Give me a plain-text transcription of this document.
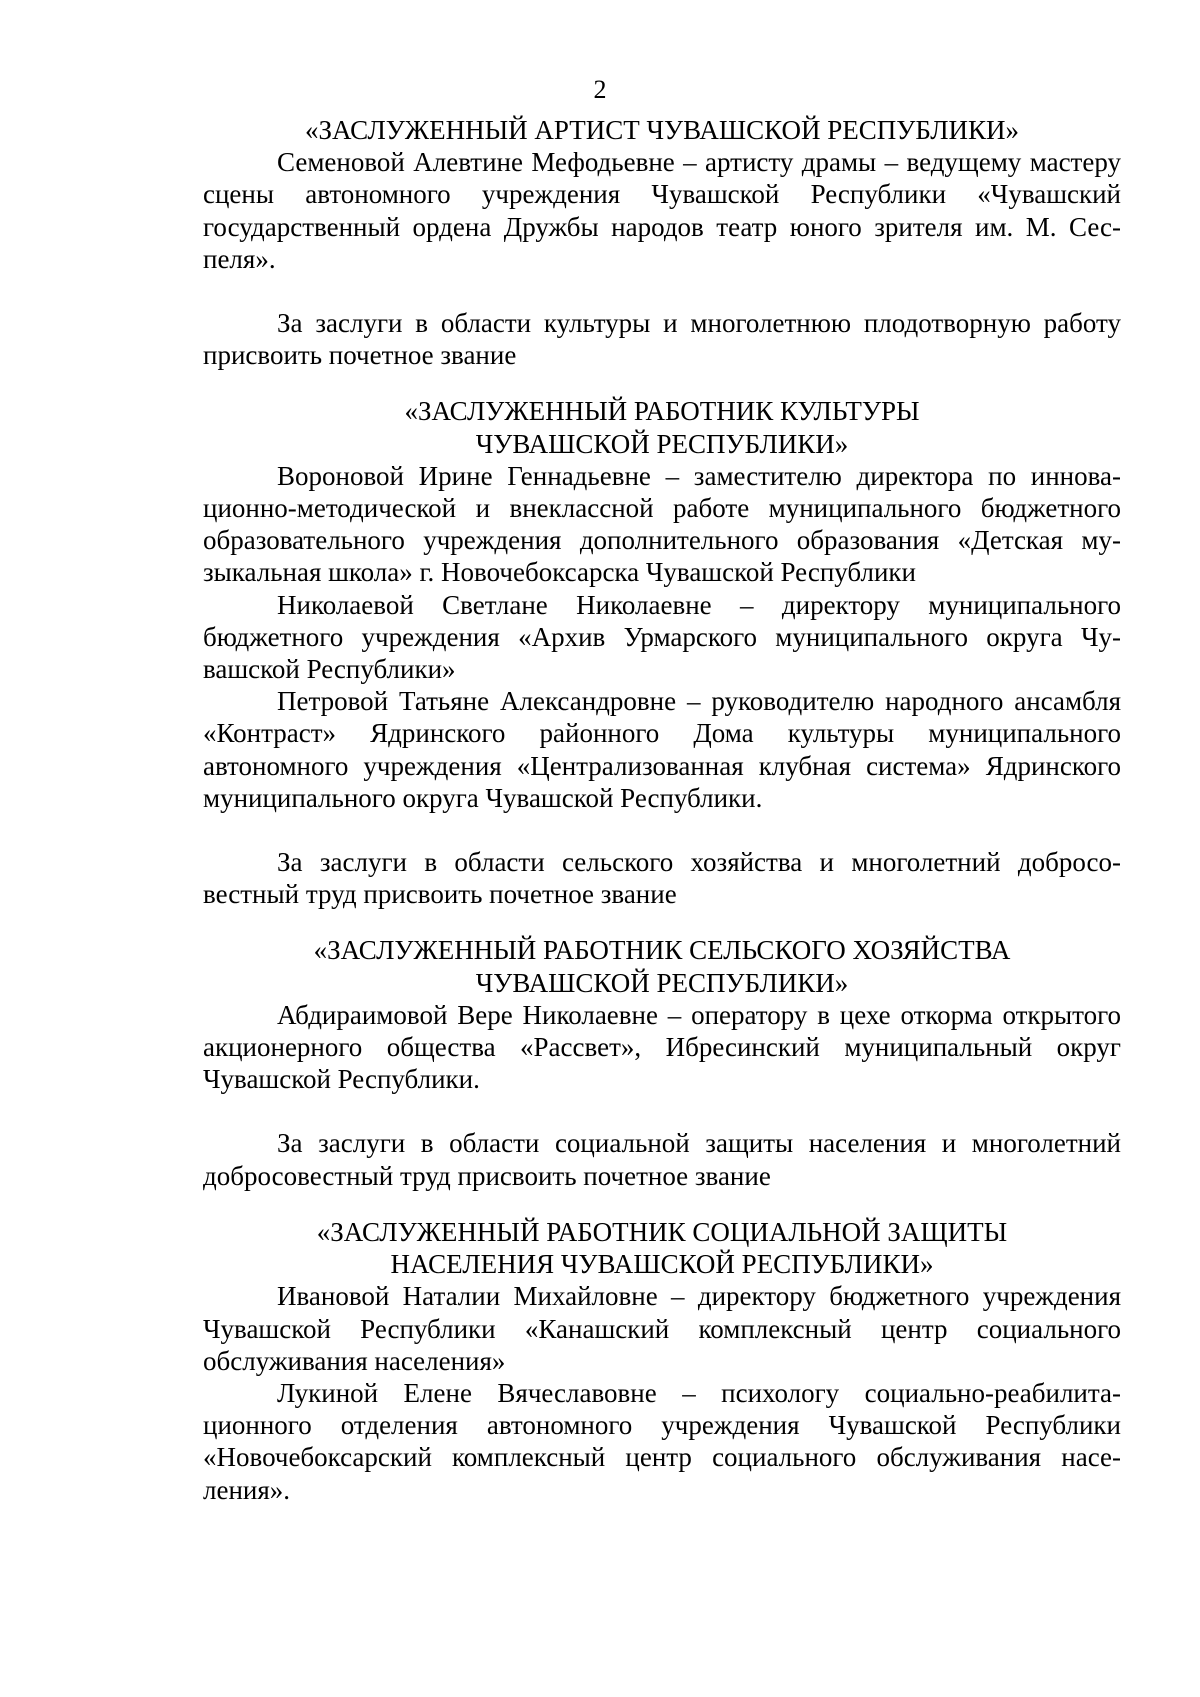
2

«ЗАСЛУЖЕННЫЙ АРТИСТ ЧУВАШСКОЙ РЕСПУБЛИКИ»

Семеновой Алевтине Мефодьевне – артисту драмы – ведущему мастеру сцены автономного учреждения Чувашской Республики «Чувашский государственный ордена Дружбы народов театр юного зрителя им. М. Сеспеля».

За заслуги в области культуры и многолетнюю плодотворную работу присвоить почетное звание

«ЗАСЛУЖЕННЫЙ РАБОТНИК КУЛЬТУРЫ
ЧУВАШСКОЙ РЕСПУБЛИКИ»

Вороновой Ирине Геннадьевне – заместителю директора по инновационно-методической и внеклассной работе муниципального бюджетного образовательного учреждения дополнительного образования «Детская музыкальная школа» г. Новочебоксарска Чувашской Республики

Николаевой Светлане Николаевне – директору муниципального бюджетного учреждения «Архив Урмарского муниципального округа Чувашской Республики»

Петровой Татьяне Александровне – руководителю народного ансамбля «Контраст» Ядринского районного Дома культуры муниципального автономного учреждения «Централизованная клубная система» Ядринского муниципального округа Чувашской Республики.

За заслуги в области сельского хозяйства и многолетний добросовестный труд присвоить почетное звание

«ЗАСЛУЖЕННЫЙ РАБОТНИК СЕЛЬСКОГО ХОЗЯЙСТВА
ЧУВАШСКОЙ РЕСПУБЛИКИ»

Абдираимовой Вере Николаевне – оператору в цехе откорма открытого акционерного общества «Рассвет», Ибресинский муниципальный округ Чувашской Республики.

За заслуги в области социальной защиты населения и многолетний добросовестный труд присвоить почетное звание

«ЗАСЛУЖЕННЫЙ РАБОТНИК СОЦИАЛЬНОЙ ЗАЩИТЫ
НАСЕЛЕНИЯ ЧУВАШСКОЙ РЕСПУБЛИКИ»

Ивановой Наталии Михайловне – директору бюджетного учреждения Чувашской Республики «Канашский комплексный центр социального обслуживания населения»

Лукиной Елене Вячеславовне – психологу социально-реабилитационного отделения автономного учреждения Чувашской Республики «Новочебоксарский комплексный центр социального обслуживания населения».
